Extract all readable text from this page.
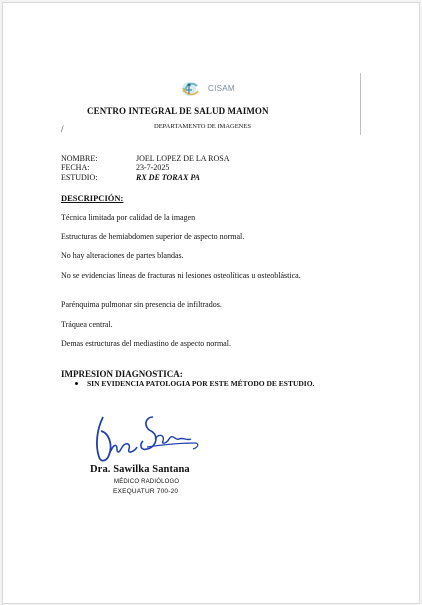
CISAM
CENTRO INTEGRAL DE SALUD MAIMON
/	DEPARTAMENTO DE IMAGENES
NOMBRE:	JOEL LOPEZ DE LA ROSA
FECHA:	23-7-2025
ESTUDIO:	RX DE TORAX PA
DESCRIPCIÓN:
Técnica limitada por calidad de la imagen
Estructuras de hemiabdomen superior de aspecto normal.
No hay alteraciones de partes blandas.
No se evidencias líneas de fracturas ni lesiones osteolíticas u osteoblástica.
Parénquima pulmonar sin presencia de infiltrados.
Tráquea central.
Demas estructuras del mediastino de aspecto normal.
IMPRESION DIAGNOSTICA:
SIN EVIDENCIA PATOLOGIA POR ESTE MÉTODO DE ESTUDIO.
Dra. Sawilka Santana
MÉDICO RADIÓLOGO
EXEQUATUR 700-20
